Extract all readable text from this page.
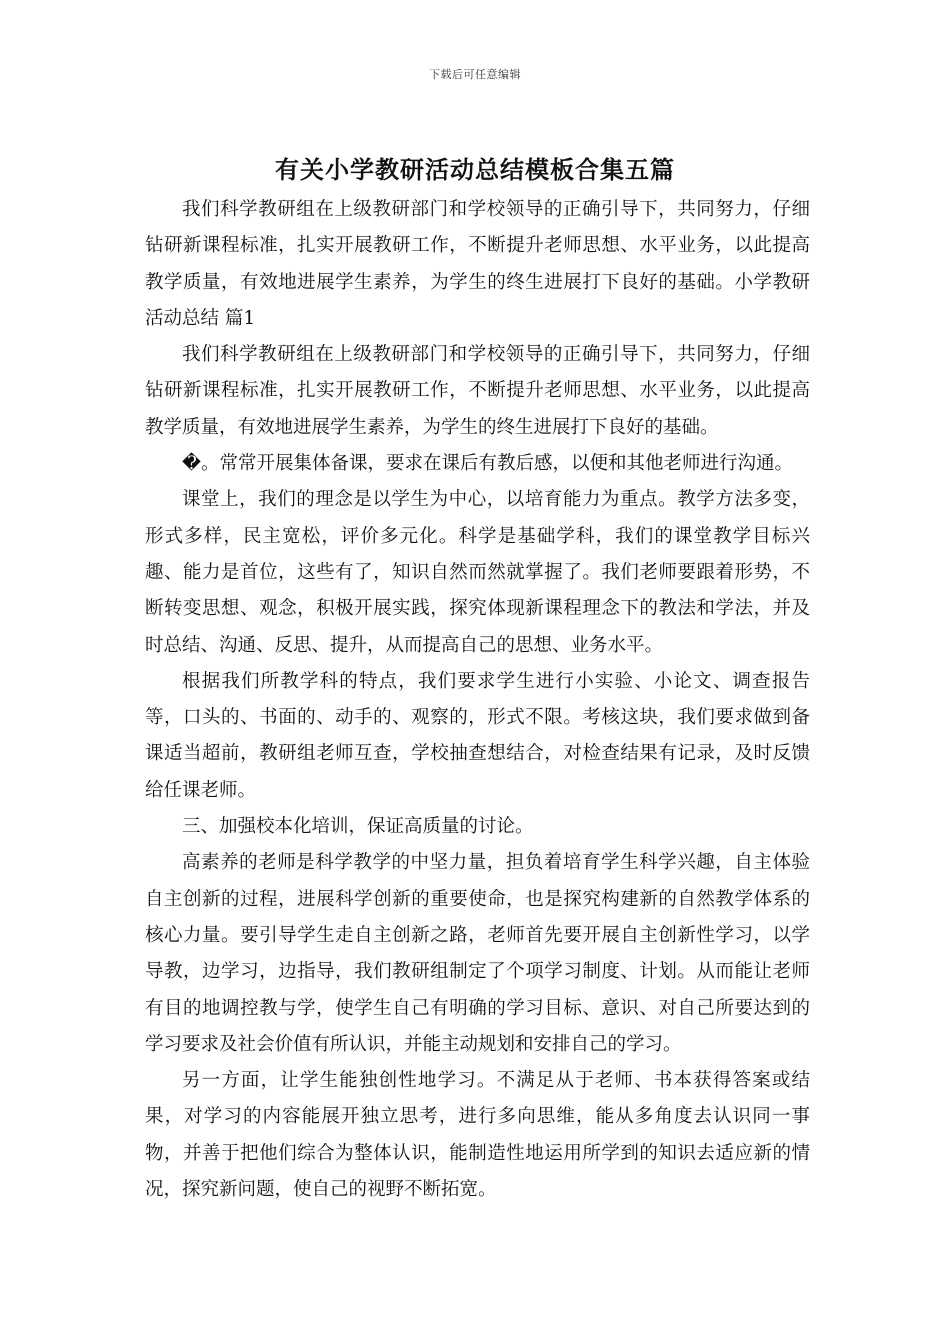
下载后可任意编辑
有关小学教研活动总结模板合集五篇

我们科学教研组在上级教研部门和学校领导的正确引导下，共同努力，仔细钻研新课程标准，扎实开展教研工作，不断提升老师思想、水平业务，以此提高教学质量，有效地进展学生素养，为学生的终生进展打下良好的基础。小学教研活动总结 篇1

我们科学教研组在上级教研部门和学校领导的正确引导下，共同努力，仔细钻研新课程标准，扎实开展教研工作，不断提升老师思想、水平业务，以此提高教学质量，有效地进展学生素养，为学生的终生进展打下良好的基础。

�。常常开展集体备课，要求在课后有教后感，以便和其他老师进行沟通。

课堂上，我们的理念是以学生为中心，以培育能力为重点。教学方法多变，形式多样，民主宽松，评价多元化。科学是基础学科，我们的课堂教学目标兴趣、能力是首位，这些有了，知识自然而然就掌握了。我们老师要跟着形势，不断转变思想、观念，积极开展实践，探究体现新课程理念下的教法和学法，并及时总结、沟通、反思、提升，从而提高自己的思想、业务水平。

根据我们所教学科的特点，我们要求学生进行小实验、小论文、调查报告等，口头的、书面的、动手的、观察的，形式不限。考核这块，我们要求做到备课适当超前，教研组老师互查，学校抽查想结合，对检查结果有记录，及时反馈给任课老师。

三、加强校本化培训，保证高质量的讨论。

高素养的老师是科学教学的中坚力量，担负着培育学生科学兴趣，自主体验自主创新的过程，进展科学创新的重要使命，也是探究构建新的自然教学体系的核心力量。要引导学生走自主创新之路，老师首先要开展自主创新性学习，以学导教，边学习，边指导，我们教研组制定了个项学习制度、计划。从而能让老师有目的地调控教与学，使学生自己有明确的学习目标、意识、对自己所要达到的学习要求及社会价值有所认识，并能主动规划和安排自己的学习。

另一方面，让学生能独创性地学习。不满足从于老师、书本获得答案或结果，对学习的内容能展开独立思考，进行多向思维，能从多角度去认识同一事物，并善于把他们综合为整体认识，能制造性地运用所学到的知识去适应新的情况，探究新问题，使自己的视野不断拓宽。
